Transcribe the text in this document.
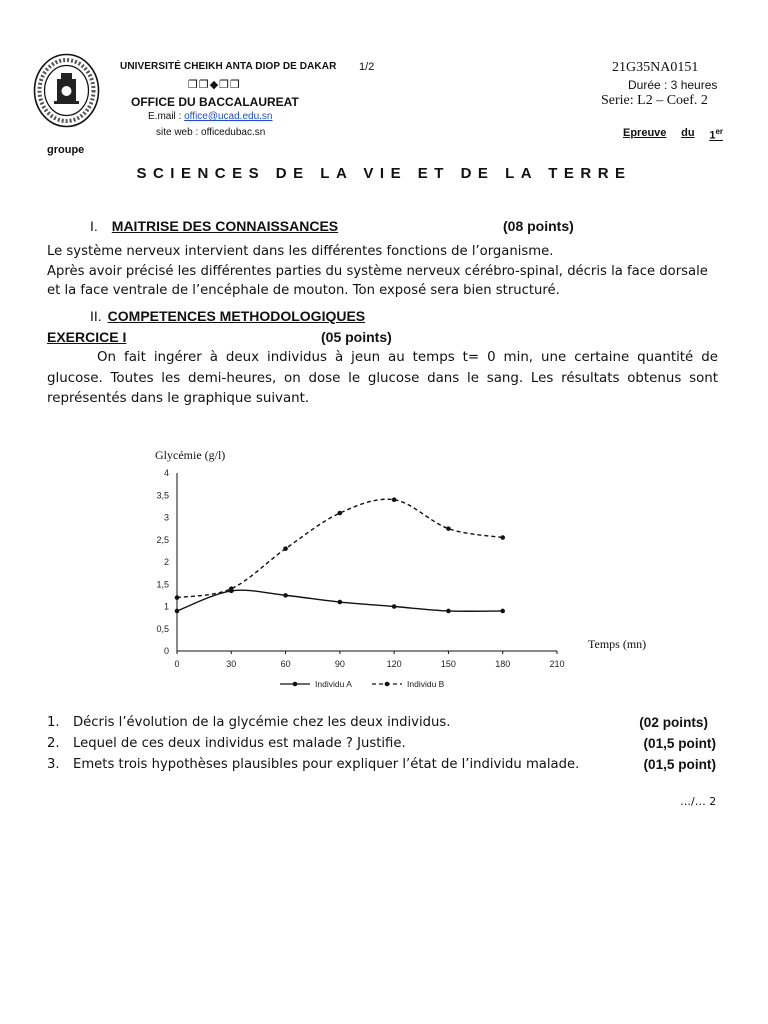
UNIVERSITÉ CHEIKH ANTA DIOP DE DAKAR 1/2
❐❐◆❐❐
OFFICE DU BACCALAUREAT
E.mail : office@ucad.edu.sn
site web : officedubac.sn
21G35NA0151
Durée : 3 heures
Serie: L2 – Coef. 2
Epreuve du 1er
groupe
SCIENCES DE LA VIE ET DE LA TERRE
I. MAITRISE DES CONNAISSANCES	(08 points)
Le système nerveux intervient dans les différentes fonctions de l’organisme.
Après avoir précisé les différentes parties du système nerveux cérébro-spinal, décris la face dorsale
et la face ventrale de l’encéphale de mouton. Ton exposé sera bien structuré.
II. COMPETENCES METHODOLOGIQUES
EXERCICE I	(05 points)
On fait ingérer à deux individus à jeun au temps t= 0 min, une certaine quantité de glucose. Toutes les demi-heures, on dose le glucose dans le sang. Les résultats obtenus sont représentés dans le graphique suivant.
0
0,5
1
1,5
2
2,5
3
3,5
4
0	30	60	90	120	150	180	210
Glycémie (g/l)
Temps (mn)
Individu A	Individu B
1.	Décris l’évolution de la glycémie chez les deux individus.	(02 points)
2.	Lequel de ces deux individus est malade ? Justifie.	(01,5 point)
3.	Emets trois hypothèses plausibles pour expliquer l’état de l’individu malade.	(01,5 point)
…/… 2
